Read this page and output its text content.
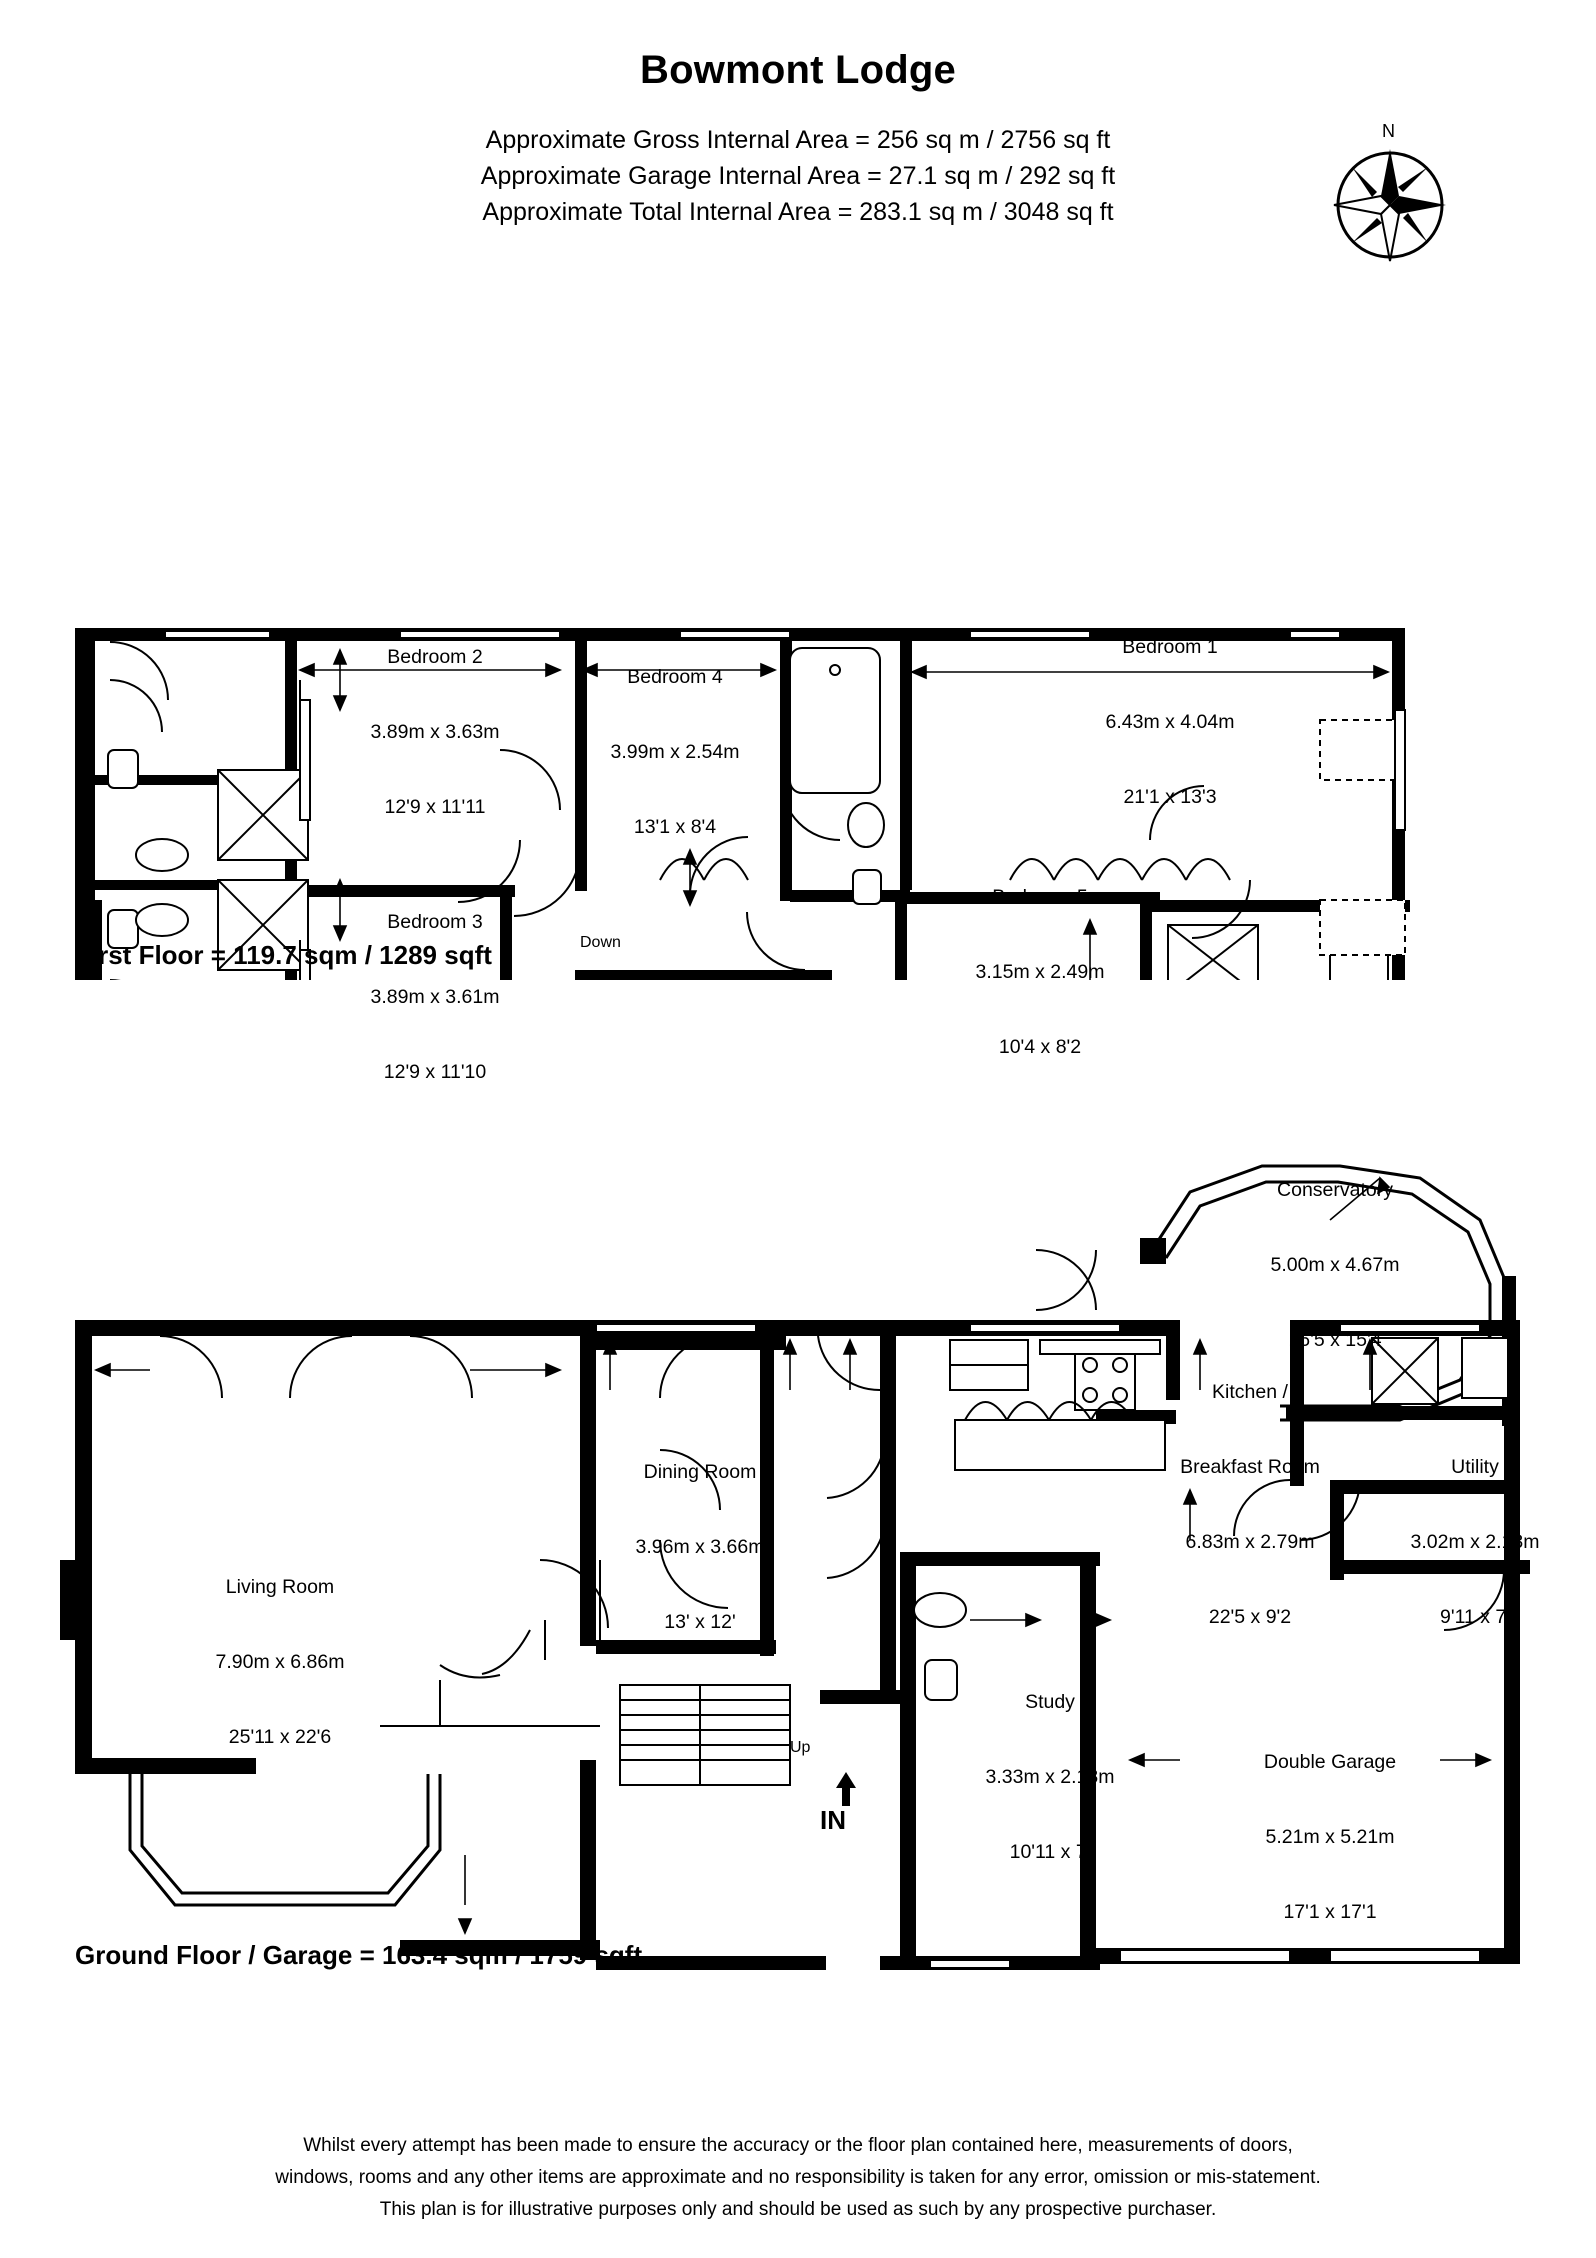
Bowmont Lodge
Approximate Gross Internal Area = 256 sq m / 2756 sq ft
Approximate Garage Internal Area = 27.1 sq m / 292 sq ft
Approximate Total Internal Area = 283.1 sq m / 3048 sq ft
N

Bedroom 2

3.89m x 3.63m

12'9 x 11'11

Bedroom 4

3.99m x 2.54m

13'1 x 8'4

Bedroom 1

6.43m x 4.04m

21'1 x 13'3

Bedroom 3

3.89m x 3.61m

12'9 x 11'10

Bedroom 5

3.15m x 2.49m

10'4 x 8'2

Down
First Floor = 119.7 sqm / 1289 sqft

Conservatory

5.00m x 4.67m

16'5 x 15'4

Kitchen /

Breakfast Room

6.83m x 2.79m

22'5 x 9'2

Utility

3.02m x 2.13m

9'11 x 7'

Dining Room

3.96m x 3.66m

13' x 12'

Living Room

7.90m x 6.86m

25'11 x 22'6

Study

3.33m x 2.13m

10'11 x 7'

Double Garage

5.21m x 5.21m

17'1 x 17'1

Up
IN
Ground Floor / Garage = 163.4 sqm / 1759 sqft
Whilst every attempt has been made to ensure the accuracy or the floor plan contained here, measurements of doors,
windows, rooms and any other items are approximate and no responsibility is taken for any error, omission or mis-statement.
This plan is for illustrative purposes only and should be used as such by any prospective purchaser.
